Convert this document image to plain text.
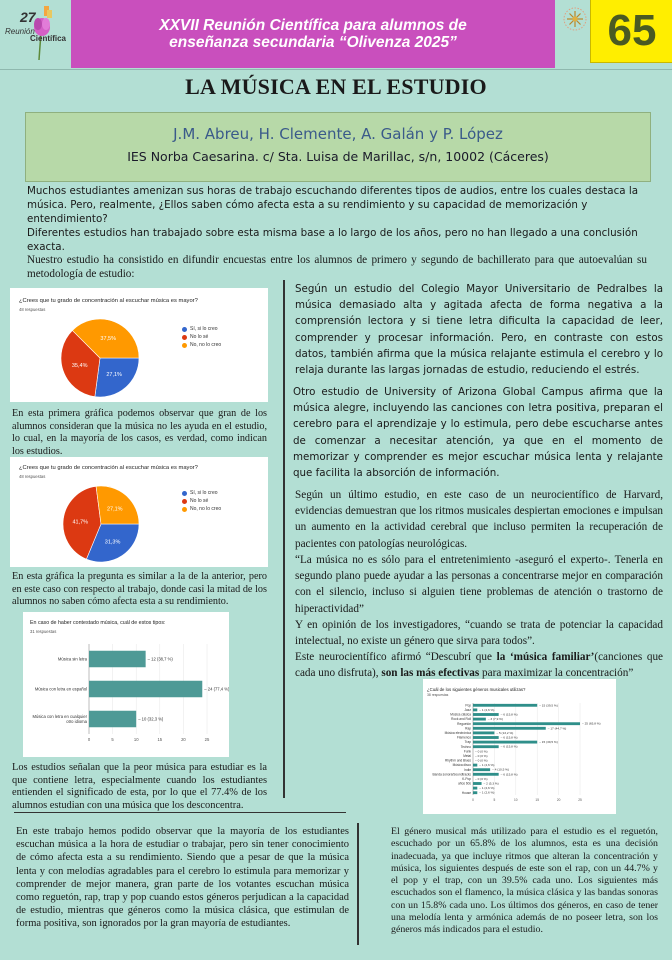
27
Reunión
Científica
XXVII Reunión Científica para alumnos de
enseñanza secundaria “Olivenza 2025”	65
LA MÚSICA EN EL ESTUDIO
J.M. Abreu, H. Clemente, A. Galán y P. López
IES Norba Caesarina. c/ Sta. Luisa de Marillac, s/n, 10002 (Cáceres)
Muchos estudiantes amenizan sus horas de trabajo escuchando diferentes tipos de audios, entre los cuales destaca la música. Pero, realmente, ¿Ellos saben cómo afecta esta a su rendimiento y su capacidad de memorización y entendimiento?
Diferentes estudios han trabajado sobre esta misma base a lo largo de los años, pero no han llegado a una conclusión exacta.
Nuestro estudio ha consistido en difundir encuestas entre los alumnos de primero y segundo de bachillerato para que autoevalúan su metodología de estudio:
¿Crees que tu grado de concentración al escuchar música es mayor?
48 respuestas
27,1%
35,4%
37,5%
Sí, si lo creo
No lo sé
No, no lo creo
En esta primera gráfica podemos observar que gran de los alumnos consideran que la música no les ayuda en el estudio, lo cual, en la mayoría de los casos, es verdad, como indican los estudios.
¿Crees que tu grado de concentración al escuchar música es mayor?
48 respuestas
31,3%
41,7%
27,1%
Sí, si lo creo
No lo sé
No, no lo creo
En esta gráfica la pregunta es similar a la de la anterior, pero en este caso con respecto al trabajo, donde casi la mitad de los alumnos no saben cómo afecta esta a su rendimiento.
En caso de haber contestado música, cuál de estos tipos:
31 respuestas
0	5	10	15	20	25
Música sin letra	– 12 (38,7 %)
Música con letra en español	– 24 (77,4 %)
Música con letra en cualquier
otro idioma
– 10 (32,3 %)
Los estudios señalan que la peor música para estudiar es la que contiene letra, especialmente cuando los estudiantes entienden el significado de esta, por lo que el 77.4% de los alumnos estudian con una música que los desconcentra.
Según un estudio del Colegio Mayor Universitario de Pedralbes la música demasiado alta y agitada afecta de forma negativa a la comprensión lectora y si tiene letra dificulta la capacidad de leer, comprender y procesar información. Pero, en contraste con estos datos, también afirma que la música relajante estimula el cerebro y lo relaja durante las largas jornadas de estudio, reduciendo el estrés.
Otro estudio de University of Arizona Global Campus afirma que la música alegre, incluyendo las canciones con letra positiva, preparan el cerebro para el aprendizaje y lo estimula, pero debe escucharse antes de comenzar a necesitar atención, ya que en el momento de memorizar y comprender es mejor escuchar música lenta y relajante que facilita la absorción de información.
Según un último estudio, en este caso de un neurocientífico de Harvard, evidencias demuestran que los ritmos musicales despiertan emociones e impulsan un aumento en la actividad cerebral que incluso permiten la recuperación de pacientes con patologías neurológicas.
“La música no es sólo para el entretenimiento -aseguró el experto-. Tenerla en segundo plano puede ayudar a las personas a concentrarse mejor en comparación con el silencio, incluso si alguien tiene problemas de atención o trastorno de hiperactividad”
Y en opinión de los investigadores, “cuando se trata de potenciar la capacidad intelectual, no existe un género que sirva para todos”.
Este neurocientífico afirmó “Descubrí que la ‘música familiar’(canciones que cada uno disfruta), son las más efectivas para maximizar la concentración”
¿Cuál de los siguientes géneros musicales utilizas?
38 respuestas
0	5	10	15	20	25
Pop	– 15 (39,5 %)
Jazz	– 1 (2,6 %)
Música clásica	– 6 (15,8 %)
Rock and Roll	– 3 (7,9 %)
Reguetón	– 25 (65,8 %)
Rap	– 17 (44,7 %)
Música electrónica	– 5 (13,2 %)
Flamenco	– 6 (15,8 %)
Trap	– 15 (39,5 %)
Techno	– 6 (15,8 %)
Funk – 0 (0 %)
Metal – 0 (0 %)
Rhythm and Blues – 0 (0 %)
Música disco	– 1 (2,6 %)
Indie	– 4 (10,5 %)
Banda sonora/Soundtracks	– 6 (15,8 %)
K-Pop – 0 (0 %)
años 60s	– 2 (5,3 %)
– 1 (2,6 %)
House	– 1 (2,6 %)
El género musical más utilizado para el estudio es el reguetón, escuchado por un 65.8% de los alumnos, esta es una decisión inadecuada, ya que incluye ritmos que alteran la concentración y música, los siguientes después de este son el rap, con un 44.7% y el pop y el trap, con un 39.5% cada uno. Los siguientes más escuchados son el flamenco, la música clásica y las bandas sonoras con un 15.8% cada uno. Los últimos dos géneros, en caso de tener una melodía lenta y armónica además de no poseer letra, son los géneros más indicados para el estudio.
En este trabajo hemos podido observar que la mayoría de los estudiantes escuchan música a la hora de estudiar o trabajar, pero sin tener conocimiento de cómo afecta esta a su rendimiento. Siendo que a pesar de que la música lenta y con melodías agradables para el cerebro lo estimula para memorizar y comprender de mejor manera, gran parte de los votantes escuchan música como reguetón, rap, trap y pop cuando estos géneros perjudican a la capacidad de estudio, mientras que géneros como la música clásica, que estimulan de forma positiva, son ignorados por la gran mayoría de estudiantes.
